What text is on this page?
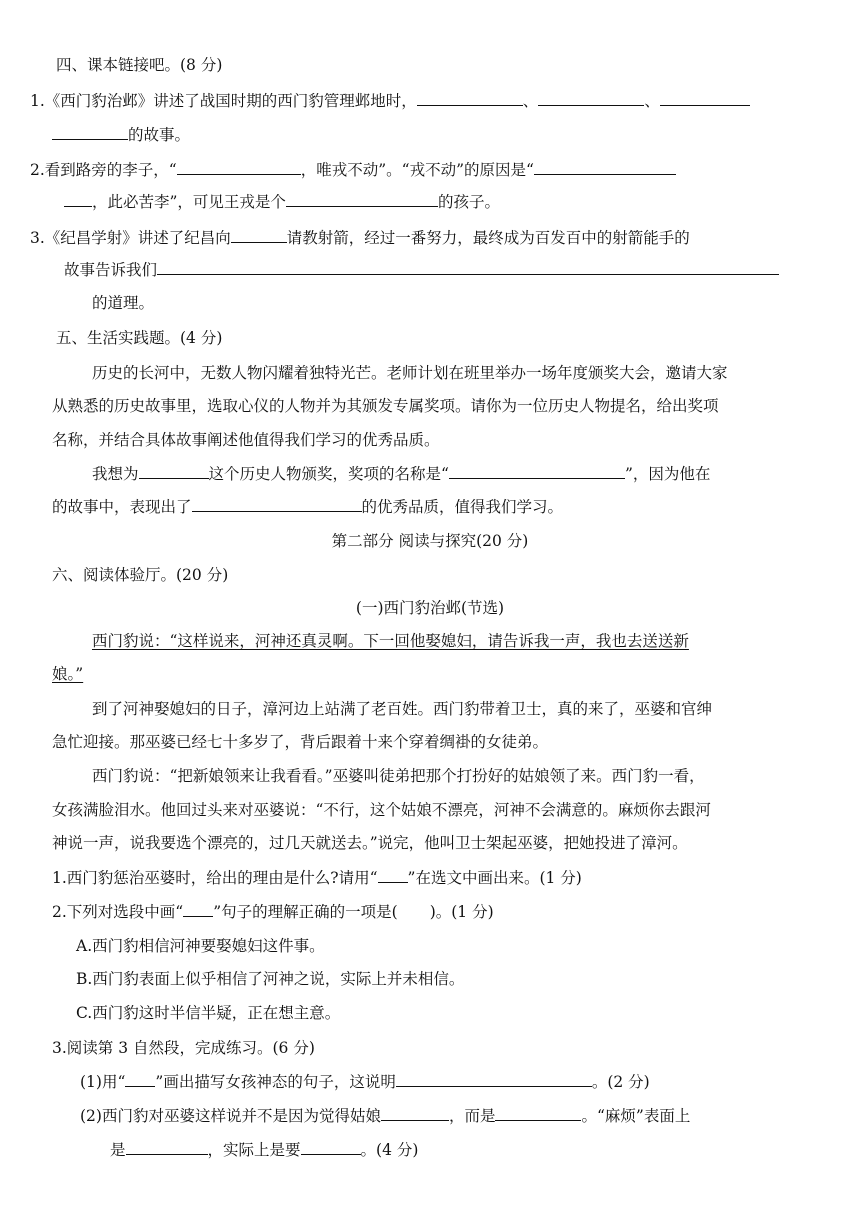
四、课本链接吧。(8 分)
1.《西门豹治邺》讲述了战国时期的西门豹管理邺地时，	、	、
的故事。
2.看到路旁的李子，“	，唯戎不动”。“戎不动”的原因是“
，此必苦李”，可见王戎是个	的孩子。
3.《纪昌学射》讲述了纪昌向	请教射箭，经过一番努力，最终成为百发百中的射箭能手的
故事告诉我们
的道理。
五、生活实践题。(4 分)
历史的长河中，无数人物闪耀着独特光芒。老师计划在班里举办一场年度颁奖大会，邀请大家
从熟悉的历史故事里，选取心仪的人物并为其颁发专属奖项。请你为一位历史人物提名，给出奖项
名称，并结合具体故事阐述他值得我们学习的优秀品质。
我想为	这个历史人物颁奖，奖项的名称是“	”，因为他在
的故事中，表现出了	的优秀品质，值得我们学习。
第二部分 阅读与探究(20 分)
六、阅读体验厅。(20 分)
(一)西门豹治邺(节选)
西门豹说：“这样说来，河神还真灵啊。下一回他娶媳妇，请告诉我一声，我也去送送新
娘。”
到了河神娶媳妇的日子，漳河边上站满了老百姓。西门豹带着卫士，真的来了，巫婆和官绅
急忙迎接。那巫婆已经七十多岁了，背后跟着十来个穿着绸褂的女徒弟。
西门豹说：“把新娘领来让我看看。”巫婆叫徒弟把那个打扮好的姑娘领了来。西门豹一看，
女孩满脸泪水。他回过头来对巫婆说：“不行，这个姑娘不漂亮，河神不会满意的。麻烦你去跟河
神说一声，说我要选个漂亮的，过几天就送去。”说完，他叫卫士架起巫婆，把她投进了漳河。
1.西门豹惩治巫婆时，给出的理由是什么?请用“ ”在选文中画出来。(1 分)
2.下列对选段中画“ ”句子的理解正确的一项是( )。(1 分)
A.西门豹相信河神要娶媳妇这件事。
B.西门豹表面上似乎相信了河神之说，实际上并未相信。
C.西门豹这时半信半疑，正在想主意。
3.阅读第 3 自然段，完成练习。(6 分)
(1)用“ ”画出描写女孩神态的句子，这说明	。(2 分)
(2)西门豹对巫婆这样说并不是因为觉得姑娘	，而是	。“麻烦”表面上
是	，实际上是要	。(4 分)
